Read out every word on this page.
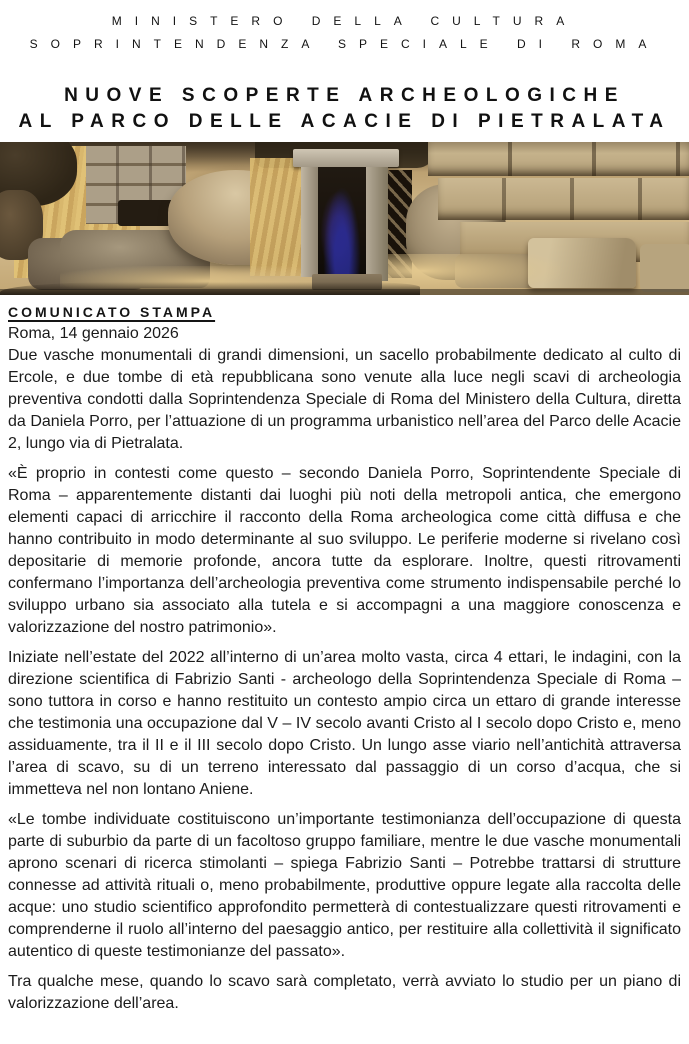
MINISTERO DELLA CULTURA
SOPRINTENDENZA SPECIALE DI ROMA
NUOVE SCOPERTE ARCHEOLOGICHE
AL PARCO DELLE ACACIE DI PIETRALATA
COMUNICATO STAMPA
Roma, 14 gennaio 2026

Due vasche monumentali di grandi dimensioni, un sacello probabilmente dedicato al culto di Ercole, e due tombe di età repubblicana sono venute alla luce negli scavi di archeologia preventiva condotti dalla Soprintendenza Speciale di Roma del Ministero della Cultura, diretta da Daniela Porro, per l’attuazione di un programma urbanistico nell’area del Parco delle Acacie 2, lungo via di Pietralata.

«È proprio in contesti come questo – secondo Daniela Porro, Soprintendente Speciale di Roma – apparentemente distanti dai luoghi più noti della metropoli antica, che emergono elementi capaci di arricchire il racconto della Roma archeologica come città diffusa e che hanno contribuito in modo determinante al suo sviluppo. Le periferie moderne si rivelano così depositarie di memorie profonde, ancora tutte da esplorare. Inoltre, questi ritrovamenti confermano l’importanza dell’archeologia preventiva come strumento indispensabile perché lo sviluppo urbano sia associato alla tutela e si accompagni a una maggiore conoscenza e valorizzazione del nostro patrimonio».

Iniziate nell’estate del 2022 all’interno di un’area molto vasta, circa 4 ettari, le indagini, con la direzione scientifica di Fabrizio Santi - archeologo della Soprintendenza Speciale di Roma – sono tuttora in corso e hanno restituito un contesto ampio circa un ettaro di grande interesse che testimonia una occupazione dal V – IV secolo avanti Cristo al I secolo dopo Cristo e, meno assiduamente, tra il II e il III secolo dopo Cristo. Un lungo asse viario nell’antichità attraversa l’area di scavo, su di un terreno interessato dal passaggio di un corso d’acqua, che si immetteva nel non lontano Aniene.

«Le tombe individuate costituiscono un’importante testimonianza dell’occupazione di questa parte di suburbio da parte di un facoltoso gruppo familiare, mentre le due vasche monumentali aprono scenari di ricerca stimolanti – spiega Fabrizio Santi – Potrebbe trattarsi di strutture connesse ad attività rituali o, meno probabilmente, produttive oppure legate alla raccolta delle acque: uno studio scientifico approfondito permetterà di contestualizzare questi ritrovamenti e comprenderne il ruolo all’interno del paesaggio antico, per restituire alla collettività il significato autentico di queste testimonianze del passato».

Tra qualche mese, quando lo scavo sarà completato, verrà avviato lo studio per un piano di valorizzazione dell’area.
